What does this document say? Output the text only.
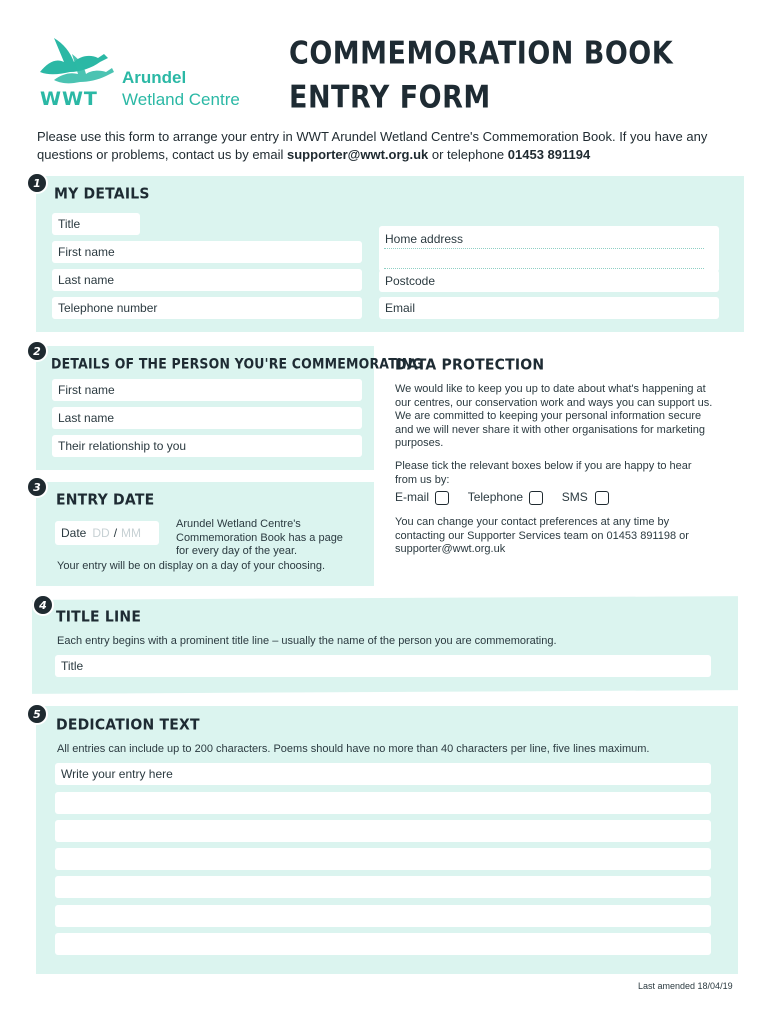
WWT
Arundel
Wetland Centre
COMMEMORATION BOOK
ENTRY FORM
Please use this form to arrange your entry in WWT Arundel Wetland Centre's Commemoration Book. If you have any questions or problems, contact us by email supporter@wwt.org.uk or telephone 01453 891194
1
MY DETAILS
Title
First name
Last name
Telephone number
Home address
Postcode
Email
2
DETAILS OF THE PERSON YOU'RE COMMEMORATING
First name
Last name
Their relationship to you
3
ENTRY DATE
Date DD / MM
Arundel Wetland Centre's Commemoration Book has a page for every day of the year.
Your entry will be on display on a day of your choosing.
DATA PROTECTION
We would like to keep you up to date about what's happening at our centres, our conservation work and ways you can support us. We are committed to keeping your personal information secure and we will never share it with other organisations for marketing purposes.
Please tick the relevant boxes below if you are happy to hear from us by:
E-mail	Telephone	SMS
You can change your contact preferences at any time by contacting our Supporter Services team on 01453 891198 or supporter@wwt.org.uk
4
TITLE LINE
Each entry begins with a prominent title line – usually the name of the person you are commemorating.
Title
5
DEDICATION TEXT
All entries can include up to 200 characters. Poems should have no more than 40 characters per line, five lines maximum.
Write your entry here
Last amended 18/04/19
